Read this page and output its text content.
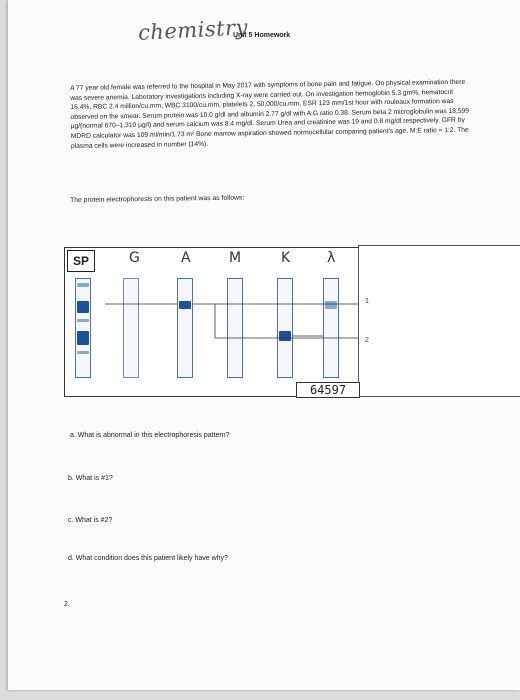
chemistry
Unit 5 Homework

A 77 year old female was referred to the hospital in May 2017 with symptoms of bone pain and fatigue. On physical examination there was severe anemia. Laboratory investigations including X-ray were carried out. On investigation hemoglobin 5.3 gm%, hematocrit 16.4%, RBC 2.4 million/cu.mm, WBC 3100/cu.mm, platelets 2, 50,000/cu.mm, ESR 123 mm/1st hour with rouleaux formation was observed on the smear. Serum protein was 10.0 g/dl and albumin 2.77 g/dl with A:G ratio 0.38. Serum beta 2 microglobulin was 18,599 μg/(normal 670–1,310 μg/l) and serum calcium was 8.4 mg/dl. Serum Urea and creatinine was 19 and 0.8 mg/dl respectively. GFR by MDRD calculator was 109 ml/min/1.73 m² Bone marrow aspiration showed normocellular comparing patient's age. M:E ratio = 1:2. The plasma cells were increased in number (14%).

The protein electrophoresis on this patient was as follows:

SP	G	A	M	K	λ
1
2
64597

a. What is abnormal in this electrophoresis pattern?

b. What is #1?

c. What is #2?

d. What condition does this patient likely have why?

2.
